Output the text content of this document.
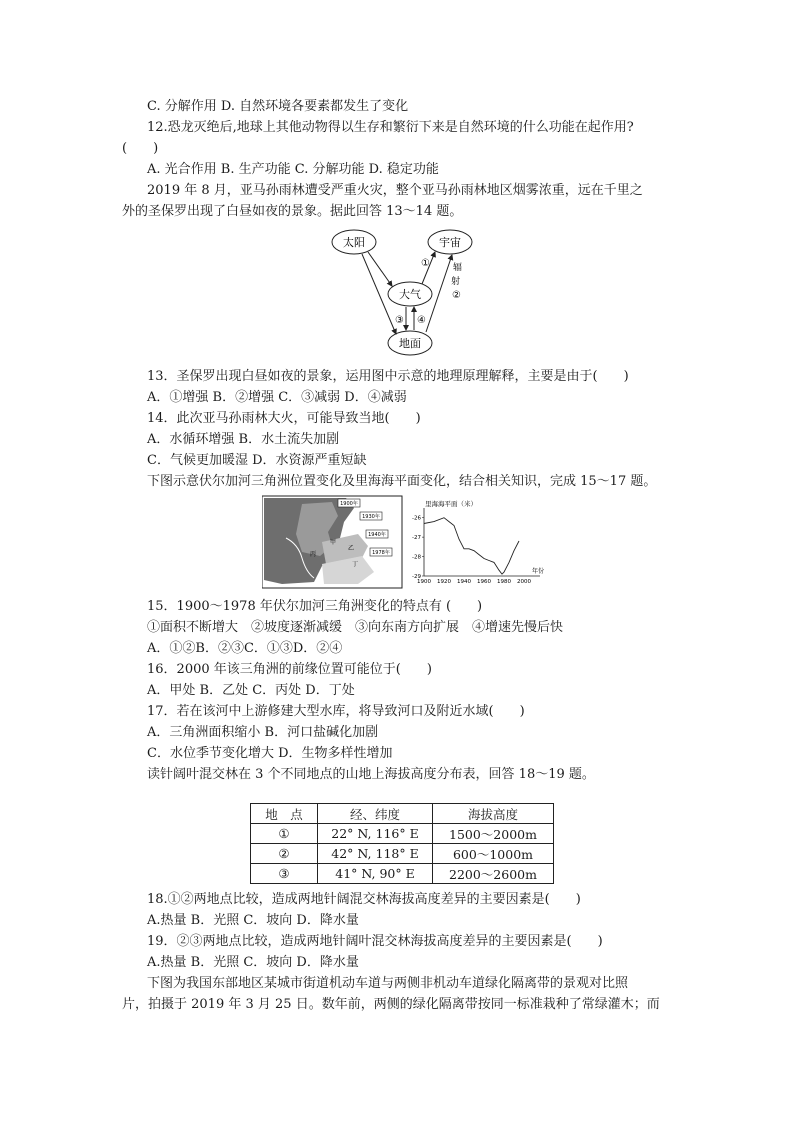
C. 分解作用 D. 自然环境各要素都发生了变化
12.恐龙灭绝后,地球上其他动物得以生存和繁衍下来是自然环境的什么功能在起作用?
(　　)
A. 光合作用 B. 生产功能 C. 分解功能 D. 稳定功能
2019 年 8 月，亚马孙雨林遭受严重火灾，整个亚马孙雨林地区烟雾浓重，远在千里之
外的圣保罗出现了白昼如夜的景象。据此回答 13～14 题。
太阳	宇宙
大气
地面
①
②
③ ④
辐
射
13．圣保罗出现白昼如夜的景象，运用图中示意的地理原理解释，主要是由于(　　)
A．①增强 B．②增强 C．③减弱 D．④减弱
14．此次亚马孙雨林大火，可能导致当地(　　)
A．水循环增强 B．水土流失加剧
C．气候更加暖湿 D．水资源严重短缺
下图示意伏尔加河三角洲位置变化及里海海平面变化，结合相关知识，完成 15～17 题。
1900年
1930年
1940年
1978年
甲
乙
丙
丁
里海海平面（米）
年份
-26
-27
-28
-29
1900 1920 1940 1960 1980 2000
15．1900～1978 年伏尔加河三角洲变化的特点有 (　　)
①面积不断增大　②坡度逐渐减缓　③向东南方向扩展　④增速先慢后快
A．①②B．②③C．①③D．②④
16．2000 年该三角洲的前缘位置可能位于(　　)
A．甲处 B．乙处 C．丙处 D．丁处
17．若在该河中上游修建大型水库，将导致河口及附近水域(　　)
A．三角洲面积缩小 B．河口盐碱化加剧
C．水位季节变化增大 D．生物多样性增加
读针阔叶混交林在 3 个不同地点的山地上海拔高度分布表，回答 18～19 题。
地　点	经、纬度	海拔高度
①	22° N, 116° E	1500～2000m
②	42° N, 118° E	600～1000m
③	41° N, 90° E	2200～2600m
18.①②两地点比较，造成两地针阔混交林海拔高度差异的主要因素是(　　)
A.热量 B．光照 C．坡向 D．降水量
19．②③两地点比较，造成两地针阔叶混交林海拔高度差异的主要因素是(　　)
A.热量 B．光照 C．坡向 D．降水量
下图为我国东部地区某城市街道机动车道与两侧非机动车道绿化隔离带的景观对比照
片，拍摄于 2019 年 3 月 25 日。数年前，两侧的绿化隔离带按同一标准栽种了常绿灌木；而
